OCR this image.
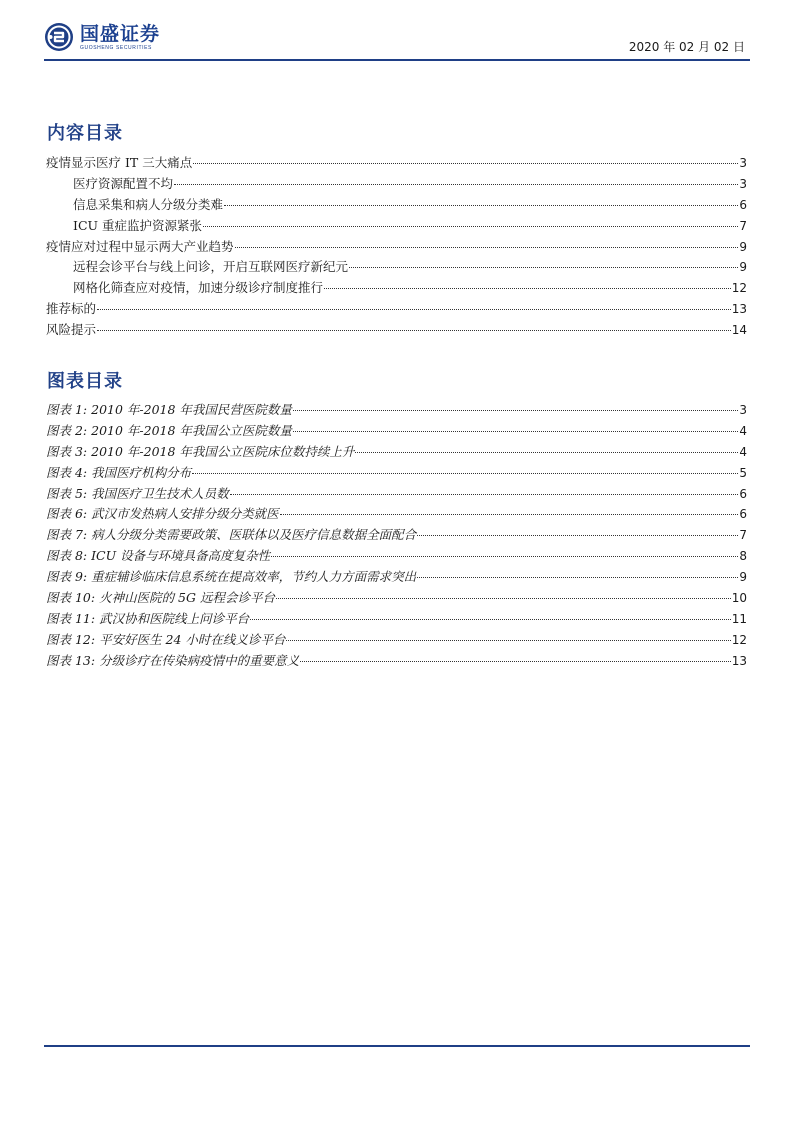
国盛证券
GUOSHENG SECURITIES	2020 年 02 月 02 日
内容目录
疫情显示医疗 IT 三大痛点	3
医疗资源配置不均	3
信息采集和病人分级分类难	6
ICU 重症监护资源紧张	7
疫情应对过程中显示两大产业趋势	9
远程会诊平台与线上问诊，开启互联网医疗新纪元	9
网格化筛查应对疫情，加速分级诊疗制度推行	12
推荐标的	13
风险提示	14
图表目录
图表 1: 2010 年-2018 年我国民营医院数量	3
图表 2: 2010 年-2018 年我国公立医院数量	4
图表 3: 2010 年-2018 年我国公立医院床位数持续上升	4
图表 4: 我国医疗机构分布	5
图表 5: 我国医疗卫生技术人员数	6
图表 6: 武汉市发热病人安排分级分类就医	6
图表 7: 病人分级分类需要政策、医联体以及医疗信息数据全面配合	7
图表 8: ICU 设备与环境具备高度复杂性	8
图表 9: 重症辅诊临床信息系统在提高效率，节约人力方面需求突出	9
图表 10: 火神山医院的 5G 远程会诊平台	10
图表 11: 武汉协和医院线上问诊平台	11
图表 12: 平安好医生 24 小时在线义诊平台	12
图表 13: 分级诊疗在传染病疫情中的重要意义	13
